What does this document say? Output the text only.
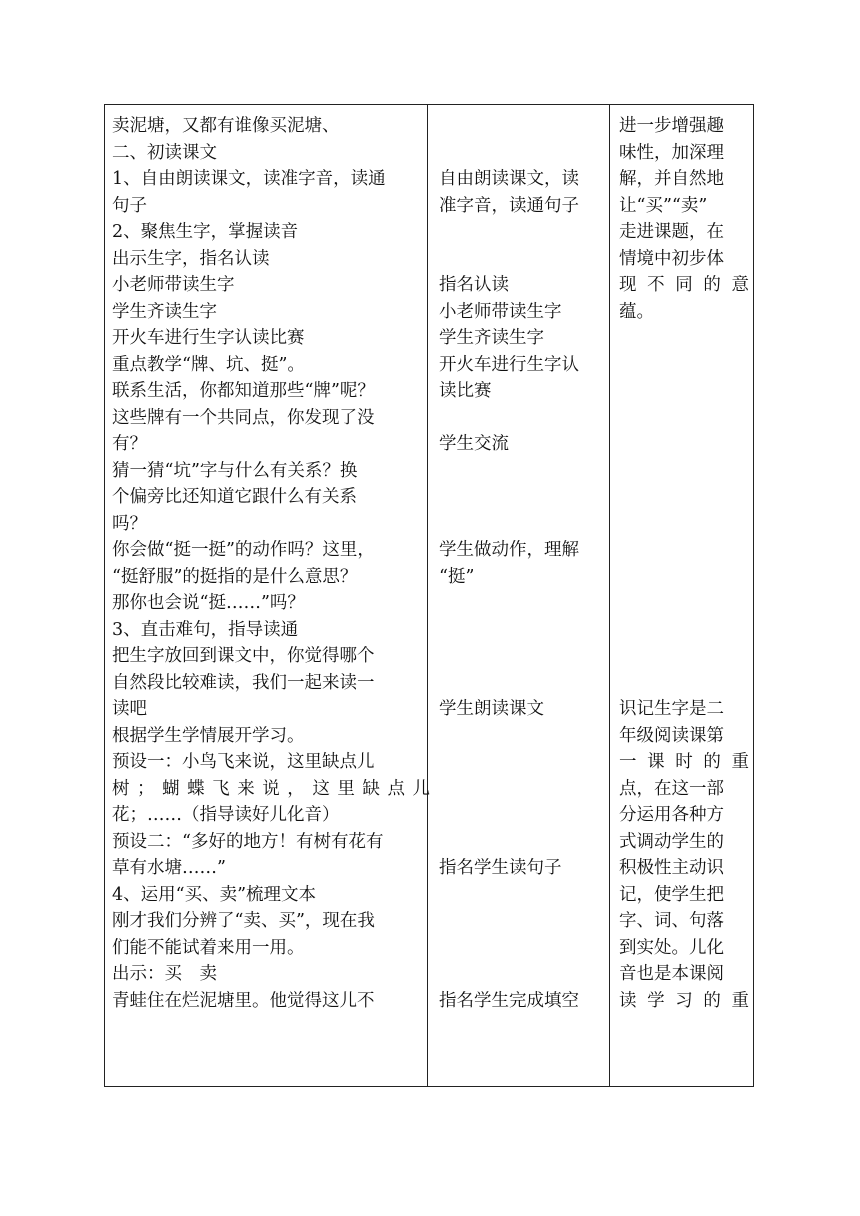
卖泥塘，又都有谁像买泥塘、
二、初读课文
1、自由朗读课文，读准字音，读通
句子
2、聚焦生字，掌握读音
出示生字，指名认读
小老师带读生字
学生齐读生字
开火车进行生字认读比赛
重点教学“牌、坑、挺”。
联系生活，你都知道那些“牌”呢？
这些牌有一个共同点，你发现了没
有？
猜一猜“坑”字与什么有关系？换
个偏旁比还知道它跟什么有关系
吗？
你会做“挺一挺”的动作吗？这里，
“挺舒服”的挺指的是什么意思？
那你也会说“挺……”吗？
3、直击难句，指导读通
把生字放回到课文中，你觉得哪个
自然段比较难读，我们一起来读一
读吧
根据学生学情展开学习。
预设一：小鸟飞来说，这里缺点儿
树；蝴蝶飞来说，这里缺点儿
花；……（指导读好儿化音）
预设二：“多好的地方！有树有花有
草有水塘……”
4、运用“买、卖”梳理文本
刚才我们分辨了“卖、买”，现在我
们能不能试着来用一用。
出示：买　卖
青蛙住在烂泥塘里。他觉得这儿不
自由朗读课文，读
准字音，读通句子
指名认读
小老师带读生字
学生齐读生字
开火车进行生字认
读比赛
学生交流
学生做动作，理解
“挺”
学生朗读课文
指名学生读句子
指名学生完成填空
进一步增强趣
味性，加深理
解，并自然地
让“买”“卖”
走进课题，在
情境中初步体
现不同的意
蕴。
识记生字是二
年级阅读课第
一课时的重
点，在这一部
分运用各种方
式调动学生的
积极性主动识
记，使学生把
字、词、句落
到实处。儿化
音也是本课阅
读学习的重
